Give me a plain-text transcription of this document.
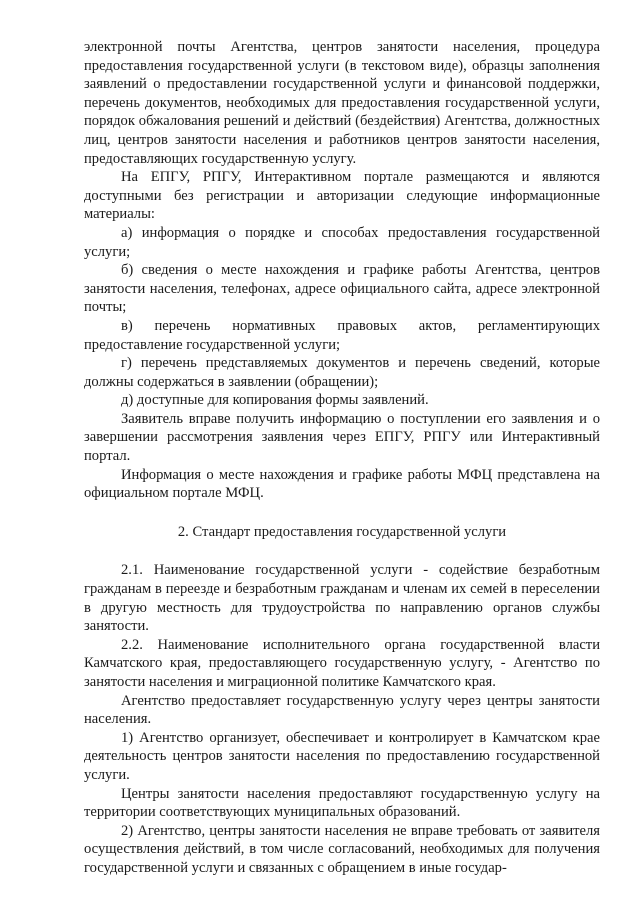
электронной почты Агентства, центров занятости населения, процедура предоставления государственной услуги (в текстовом виде), образцы заполнения заявлений о предоставлении государственной услуги и финансовой поддержки, перечень документов, необходимых для предоставления государственной услуги, порядок обжалования решений и действий (бездействия) Агентства, должностных лиц, центров занятости населения и работников центров занятости населения, предоставляющих государственную услугу.

На ЕПГУ, РПГУ, Интерактивном портале размещаются и являются доступными без регистрации и авторизации следующие информационные материалы:

а) информация о порядке и способах предоставления государственной услуги;

б) сведения о месте нахождения и графике работы Агентства, центров занятости населения, телефонах, адресе официального сайта, адресе электронной почты;

в) перечень нормативных правовых актов, регламентирующих предоставление государственной услуги;

г) перечень представляемых документов и перечень сведений, которые должны содержаться в заявлении (обращении);

д) доступные для копирования формы заявлений.

Заявитель вправе получить информацию о поступлении его заявления и о завершении рассмотрения заявления через ЕПГУ, РПГУ или Интерактивный портал.

Информация о месте нахождения и графике работы МФЦ представлена на официальном портале МФЦ.

2. Стандарт предоставления государственной услуги

2.1. Наименование государственной услуги - содействие безработным гражданам в переезде и безработным гражданам и членам их семей в переселении в другую местность для трудоустройства по направлению органов службы занятости.

2.2. Наименование исполнительного органа государственной власти Камчатского края, предоставляющего государственную услугу, - Агентство по занятости населения и миграционной политике Камчатского края.

Агентство предоставляет государственную услугу через центры занятости населения.

1) Агентство организует, обеспечивает и контролирует в Камчатском крае деятельность центров занятости населения по предоставлению государственной услуги.

Центры занятости населения предоставляют государственную услугу на территории соответствующих муниципальных образований.

2) Агентство, центры занятости населения не вправе требовать от заявителя осуществления действий, в том числе согласований, необходимых для получения государственной услуги и связанных с обращением в иные государ-
